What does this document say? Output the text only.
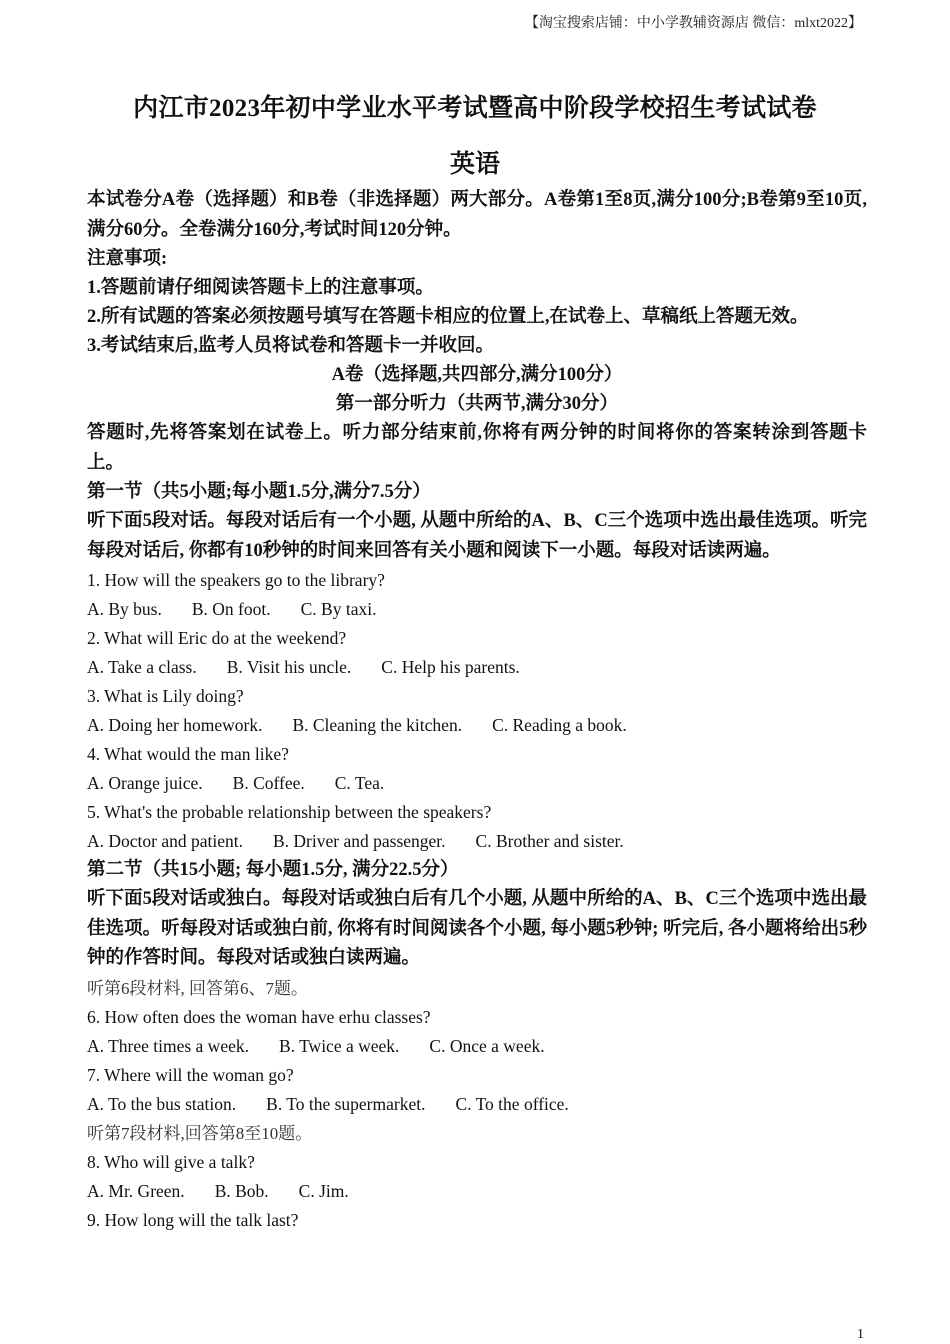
【淘宝搜索店铺：中小学教辅资源店 微信：mlxt2022】
内江市2023年初中学业水平考试暨高中阶段学校招生考试试卷
英语
本试卷分A卷（选择题）和B卷（非选择题）两大部分。A卷第1至8页,满分100分;B卷第9至10页,满分60分。全卷满分160分,考试时间120分钟。
注意事项:
1.答题前请仔细阅读答题卡上的注意事项。
2.所有试题的答案必须按题号填写在答题卡相应的位置上,在试卷上、草稿纸上答题无效。
3.考试结束后,监考人员将试卷和答题卡一并收回。
A卷（选择题,共四部分,满分100分）
第一部分听力（共两节,满分30分）
答题时,先将答案划在试卷上。听力部分结束前,你将有两分钟的时间将你的答案转涂到答题卡上。
第一节（共5小题;每小题1.5分,满分7.5分）
听下面5段对话。每段对话后有一个小题, 从题中所给的A、B、C三个选项中选出最佳选项。听完每段对话后, 你都有10秒钟的时间来回答有关小题和阅读下一小题。每段对话读两遍。
1. How will the speakers go to the library?
A. By bus. B. On foot. C. By taxi.
2. What will Eric do at the weekend?
A. Take a class. B. Visit his uncle. C. Help his parents.
3. What is Lily doing?
A. Doing her homework. B. Cleaning the kitchen. C. Reading a book.
4. What would the man like?
A. Orange juice. B. Coffee. C. Tea.
5. What's the probable relationship between the speakers?
A. Doctor and patient. B. Driver and passenger. C. Brother and sister.
第二节（共15小题; 每小题1.5分, 满分22.5分）
听下面5段对话或独白。每段对话或独白后有几个小题, 从题中所给的A、B、C三个选项中选出最佳选项。听每段对话或独白前, 你将有时间阅读各个小题, 每小题5秒钟; 听完后, 各小题将给出5秒钟的作答时间。每段对话或独白读两遍。
听第6段材料, 回答第6、7题。
6. How often does the woman have erhu classes?
A. Three times a week. B. Twice a week. C. Once a week.
7. Where will the woman go?
A. To the bus station. B. To the supermarket. C. To the office.
听第7段材料,回答第8至10题。
8. Who will give a talk?
A. Mr. Green. B. Bob. C. Jim.
9. How long will the talk last?
1
